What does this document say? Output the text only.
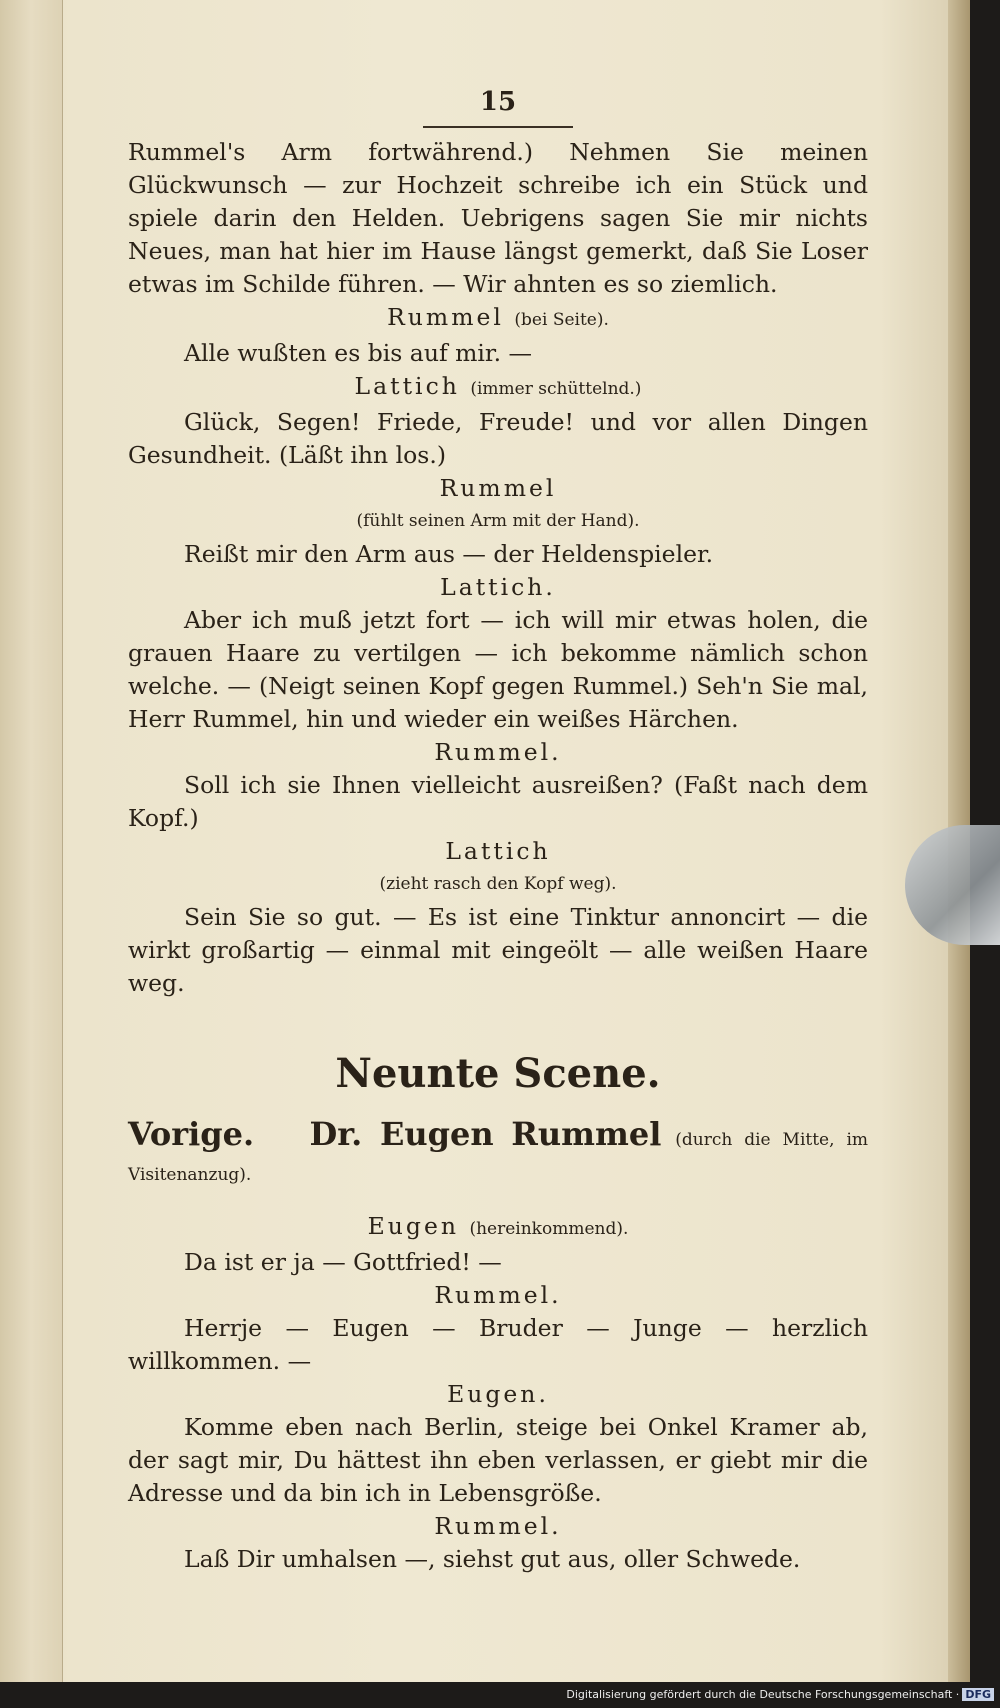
15

Rummel's Arm fortwährend.) Nehmen Sie meinen Glückwunsch — zur Hochzeit schreibe ich ein Stück und spiele darin den Helden. Uebrigens sagen Sie mir nichts Neues, man hat hier im Hause längst gemerkt, daß Sie Loser etwas im Schilde führen. — Wir ahnten es so ziemlich.

Rummel (bei Seite).

Alle wußten es bis auf mir. —

Lattich (immer schüttelnd.)

Glück, Segen! Friede, Freude! und vor allen Dingen Gesundheit. (Läßt ihn los.)

Rummel
(fühlt seinen Arm mit der Hand).

Reißt mir den Arm aus — der Heldenspieler.

Lattich.

Aber ich muß jetzt fort — ich will mir etwas holen, die grauen Haare zu vertilgen — ich bekomme nämlich schon welche. — (Neigt seinen Kopf gegen Rummel.) Seh'n Sie mal, Herr Rummel, hin und wieder ein weißes Härchen.

Rummel.

Soll ich sie Ihnen vielleicht ausreißen? (Faßt nach dem Kopf.)

Lattich
(zieht rasch den Kopf weg).

Sein Sie so gut. — Es ist eine Tinktur annoncirt — die wirkt großartig — einmal mit eingeölt — alle weißen Haare weg.

Neunte Scene.
Vorige. Dr. Eugen Rummel (durch die Mitte, im Visitenanzug).
Eugen (hereinkommend).

Da ist er ja — Gottfried! —

Rummel.

Herrje — Eugen — Bruder — Junge — herzlich willkommen. —

Eugen.

Komme eben nach Berlin, steige bei Onkel Kramer ab, der sagt mir, Du hättest ihn eben verlassen, er giebt mir die Adresse und da bin ich in Lebensgröße.

Rummel.

Laß Dir umhalsen —, siehst gut aus, oller Schwede.

Digitalisierung gefördert durch die Deutsche Forschungsgemeinschaft · DFG
